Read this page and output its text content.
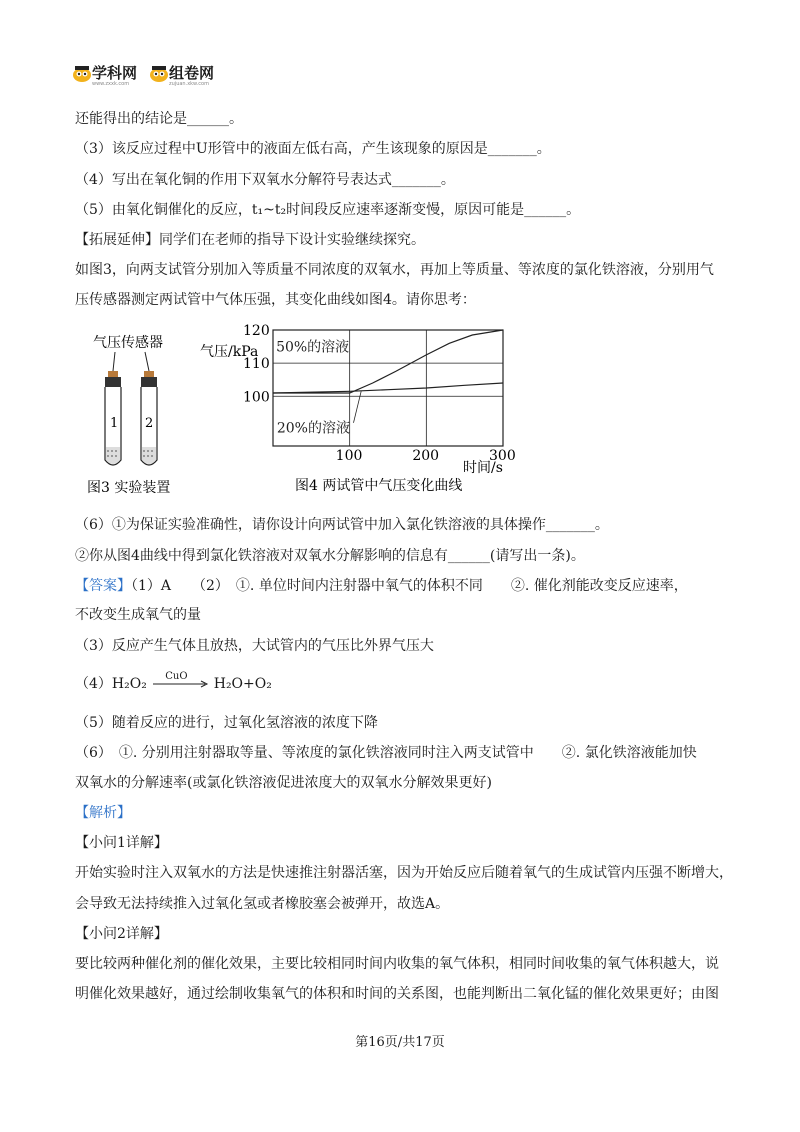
学科网
www.zxxk.com
组卷网
zujuan.xkw.com
还能得出的结论是______。
（3）该反应过程中U形管中的液面左低右高，产生该现象的原因是_______。
（4）写出在氧化铜的作用下双氧水分解符号表达式_______。
（5）由氧化铜催化的反应，t₁~t₂时间段反应速率逐渐变慢，原因可能是______。
【拓展延伸】同学们在老师的指导下设计实验继续探究。
如图3，向两支试管分别加入等质量不同浓度的双氧水，再加上等质量、等浓度的氯化铁溶液，分别用气
压传感器测定两试管中气体压强，其变化曲线如图4。请你思考：
气压传感器
1 2
图3 实验装置
120
110
100
100	200	300
50%的溶液
20%的溶液
气压/kPa
时间/s
图4 两试管中气压变化曲线
（6）①为保证实验准确性，请你设计向两试管中加入氯化铁溶液的具体操作_______。
②你从图4曲线中得到氯化铁溶液对双氧水分解影响的信息有______(请写出一条)。
【答案】（1）A　　（2）　①. 单位时间内注射器中氧气的体积不同　　②. 催化剂能改变反应速率，
不改变生成氧气的量
（3）反应产生气体且放热，大试管内的气压比外界气压大
（4）H₂O₂ CuO H₂O+O₂
（5）随着反应的进行，过氧化氢溶液的浓度下降
（6）　①. 分别用注射器取等量、等浓度的氯化铁溶液同时注入两支试管中　　②. 氯化铁溶液能加快
双氧水的分解速率(或氯化铁溶液促进浓度大的双氧水分解效果更好)
【解析】
【小问1详解】
开始实验时注入双氧水的方法是快速推注射器活塞，因为开始反应后随着氧气的生成试管内压强不断增大，
会导致无法持续推入过氧化氢或者橡胶塞会被弹开，故选A。
【小问2详解】
要比较两种催化剂的催化效果，主要比较相同时间内收集的氧气体积，相同时间收集的氧气体积越大，说
明催化效果越好，通过绘制收集氧气的体积和时间的关系图，也能判断出二氧化锰的催化效果更好；由图
第16页/共17页
